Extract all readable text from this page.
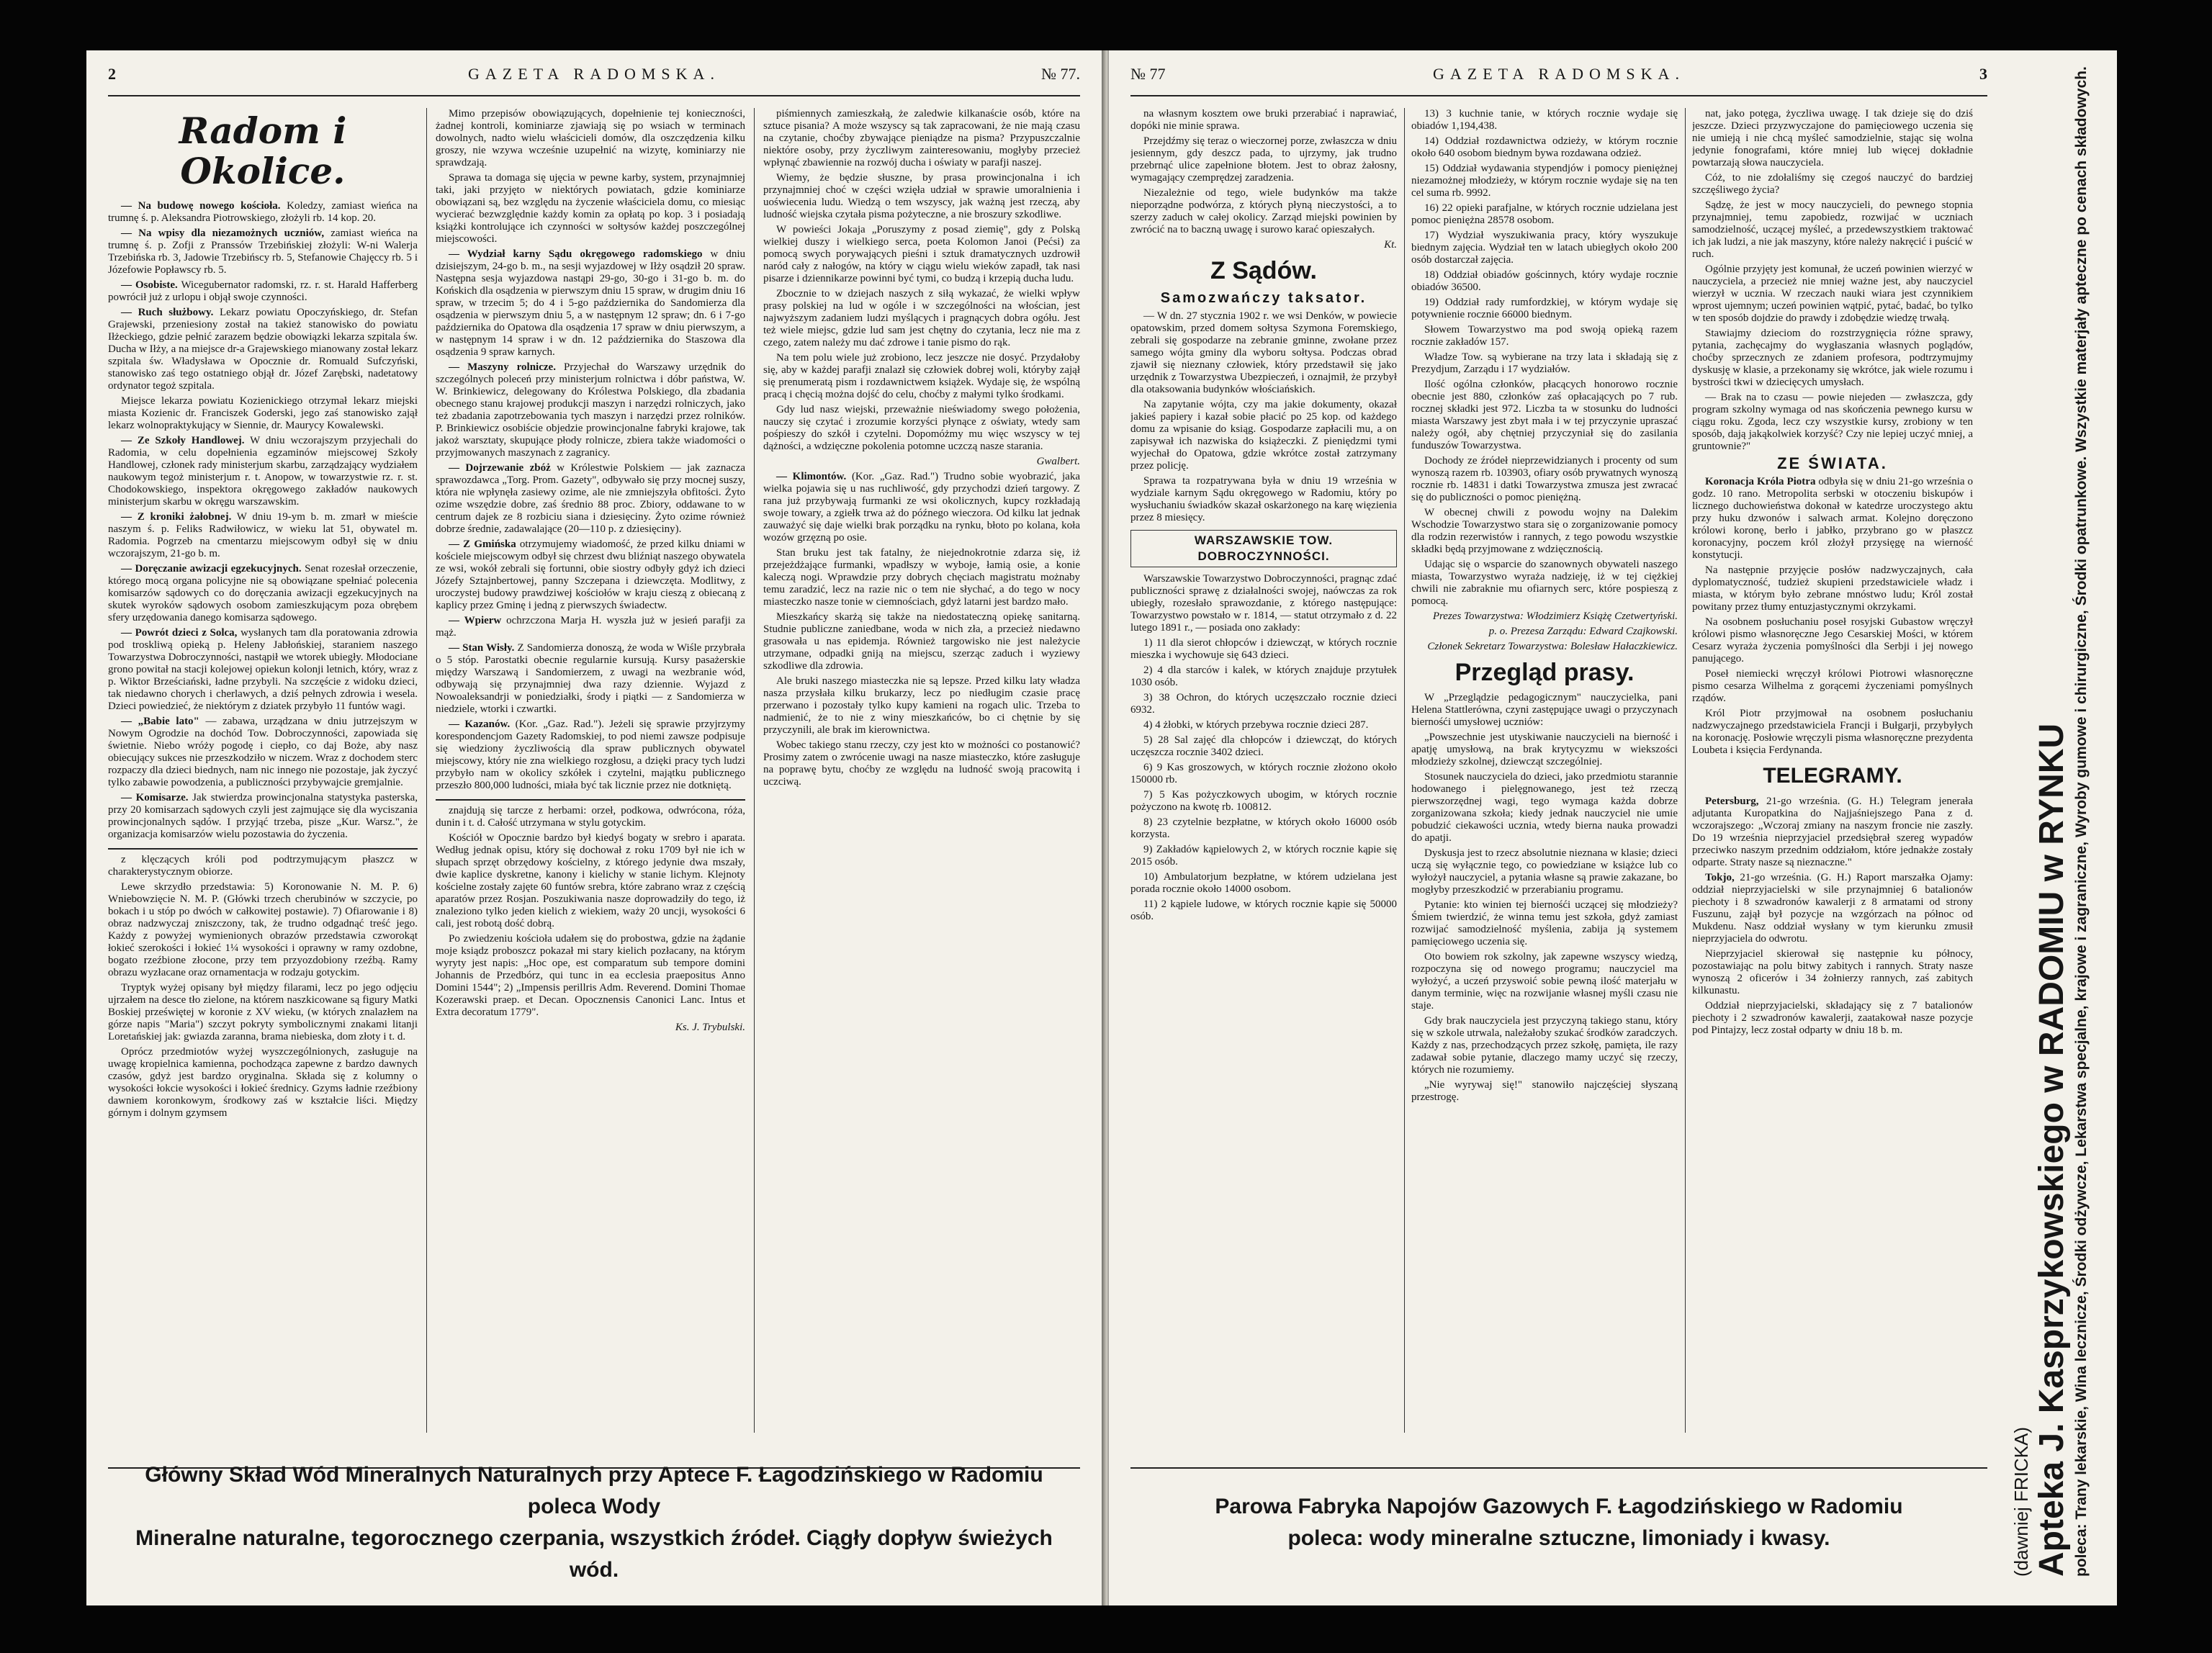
2	GAZETA RADOMSKA.	№ 77.
Radom i Okolice.

— Na budowę nowego kościoła. Koledzy, zamiast wieńca na trumnę ś. p. Aleksandra Piotrowskiego, złożyli rb. 14 kop. 20.

— Na wpisy dla niezamożnych uczniów, zamiast wieńca na trumnę ś. p. Zofji z Pranssów Trzebińskiej złożyli: W-ni Walerja Trzebińska rb. 3, Jadowie Trzebińscy rb. 5, Stefanowie Chajęccy rb. 5 i Józefowie Popławscy rb. 5.

— Osobiste. Wicegubernator radomski, rz. r. st. Harald Hafferberg powrócił już z urlopu i objął swoje czynności.

— Ruch służbowy. Lekarz powiatu Opoczyńskiego, dr. Stefan Grajewski, przeniesiony został na takież stanowisko do powiatu Iłżeckiego, gdzie pełnić zarazem będzie obowiązki lekarza szpitala św. Ducha w Iłży, a na miejsce dr-a Grajewskiego mianowany został lekarz szpitala św. Władysława w Opocznie dr. Romuald Sufczyński, stanowisko zaś tego ostatniego objął dr. Józef Zarębski, nadetatowy ordynator tegoż szpitala.

Miejsce lekarza powiatu Kozienickiego otrzymał lekarz miejski miasta Kozienic dr. Franciszek Goderski, jego zaś stanowisko zajął lekarz wolnopraktykujący w Siennie, dr. Maurycy Kowalewski.

— Ze Szkoły Handlowej. W dniu wczorajszym przyjechali do Radomia, w celu dopełnienia egzaminów miejscowej Szkoły Handlowej, członek rady ministerjum skarbu, zarządzający wydziałem naukowym tegoż ministerjum r. t. Anopow, w towarzystwie rz. r. st. Chodokowskiego, inspektora okręgowego zakładów naukowych ministerjum skarbu w okręgu warszawskim.

— Z kroniki żałobnej. W dniu 19-ym b. m. zmarł w mieście naszym ś. p. Feliks Radwiłowicz, w wieku lat 51, obywatel m. Radomia. Pogrzeb na cmentarzu miejscowym odbył się w dniu wczorajszym, 21-go b. m.

— Doręczanie awizacji egzekucyjnych. Senat rozesłał orzeczenie, którego mocą organa policyjne nie są obowiązane spełniać polecenia komisarzów sądowych co do doręczania awizacji egzekucyjnych na skutek wyroków sądowych osobom zamieszkującym poza obrębem sfery urzędowania danego komisarza sądowego.

— Powrót dzieci z Solca, wysłanych tam dla poratowania zdrowia pod troskliwą opieką p. Heleny Jabłońskiej, staraniem naszego Towarzystwa Dobroczynności, nastąpił we wtorek ubiegły. Młodociane grono powitał na stacji kolejowej opiekun kolonji letnich, który, wraz z p. Wiktor Brześciański, ładne przybyli. Na szczęście z widoku dzieci, tak niedawno chorych i cherlawych, a dziś pełnych zdrowia i wesela. Dzieci powiedzieć, że niektórym z dziatek przybyło 11 funtów wagi.

— „Babie lato" — zabawa, urządzana w dniu jutrzejszym w Nowym Ogrodzie na dochód Tow. Dobroczynności, zapowiada się świetnie. Niebo wróży pogodę i ciepło, co daj Boże, aby nasz obiecujący sukces nie przeszkodziło w niczem. Wraz z dochodem sterc rozpaczy dla dzieci biednych, nam nic innego nie pozostaje, jak życzyć tylko zabawie powodzenia, a publiczności przybywajcie gremjalnie.

— Komisarze. Jak stwierdza prowincjonalna statystyka pasterska, przy 20 komisarzach sądowych czyli jest zajmujące się dla wyciszania prowincjonalnych sądów. I przyjąć trzeba, pisze „Kur. Warsz.", że organizacja komisarzów wielu pozostawia do życzenia.

z klęczących króli pod podtrzymującym płaszcz w charakterystycznym obiorze.

Lewe skrzydło przedstawia: 5) Koronowanie N. M. P. 6) Wniebowzięcie N. M. P. (Główki trzech cherubinów w szczycie, po bokach i u stóp po dwóch w całkowitej postawie). 7) Ofiarowanie i 8) obraz nadzwyczaj zniszczony, tak, że trudno odgadnąć treść jego. Każdy z powyżej wymienionych obrazów przedstawia czworokąt łokieć szerokości i łokieć 1¼ wysokości i oprawny w ramy ozdobne, bogato rzeźbione złocone, przy tem przyozdobiony rzeźbą. Ramy obrazu wyzłacane oraz ornamentacja w rodzaju gotyckim.

Tryptyk wyżej opisany był między filarami, lecz po jego odjęciu ujrzałem na desce tło zielone, na którem naszkicowane są figury Matki Boskiej przeświętej w koronie z XV wieku, (w których znalazłem na górze napis "Maria") szczyt pokryty symbolicznymi znakami litanji Loretańskiej jak: gwiazda zaranna, brama niebieska, dom złoty i t. d.

Oprócz przedmiotów wyżej wyszczególnionych, zasługuje na uwagę kropielnica kamienna, pochodząca zapewne z bardzo dawnych czasów, gdyż jest bardzo oryginalna. Składa się z kolumny o wysokości łokcie wysokości i łokieć średnicy. Gzyms ładnie rzeźbiony dawniem koronkowym, środkowy zaś w kształcie liści. Między górnym i dolnym gzymsem

Mimo przepisów obowiązujących, dopełnienie tej konieczności, żadnej kontroli, kominiarze zjawiają się po wsiach w terminach dowolnych, nadto wielu właścicieli domów, dla oszczędzenia kilku groszy, nie wzywa wcześnie uzupełnić na wizytę, kominiarzy nie sprawdzają.

Sprawa ta domaga się ujęcia w pewne karby, system, przynajmniej taki, jaki przyjęto w niektórych powiatach, gdzie kominiarze obowiązani są, bez względu na życzenie właściciela domu, co miesiąc wycierać bezwzględnie każdy komin za opłatą po kop. 3 i posiadają książki kontrolujące ich czynności w sołtysów każdej poszczególnej miejscowości.

— Wydział karny Sądu okręgowego radomskiego w dniu dzisiejszym, 24-go b. m., na sesji wyjazdowej w Iłży osądził 20 spraw. Następna sesja wyjazdowa nastąpi 29-go, 30-go i 31-go b. m. do Końskich dla osądzenia w pierwszym dniu 15 spraw, w drugim dniu 16 spraw, w trzecim 5; do 4 i 5-go października do Sandomierza dla osądzenia w pierwszym dniu 5, a w następnym 12 spraw; dn. 6 i 7-go października do Opatowa dla osądzenia 17 spraw w dniu pierwszym, a w następnym 14 spraw i w dn. 12 października do Staszowa dla osądzenia 9 spraw karnych.

— Maszyny rolnicze. Przyjechał do Warszawy urzędnik do szczególnych poleceń przy ministerjum rolnictwa i dóbr państwa, W. W. Brinkiewicz, delegowany do Królestwa Polskiego, dla zbadania obecnego stanu krajowej produkcji maszyn i narzędzi rolniczych, jako też zbadania zapotrzebowania tych maszyn i narzędzi przez rolników. P. Brinkiewicz osobiście objedzie prowincjonalne fabryki krajowe, tak jakoż warsztaty, skupujące płody rolnicze, zbiera także wiadomości o przyjmowanych maszynach z zagranicy.

— Dojrzewanie zbóż w Królestwie Polskiem — jak zaznacza sprawozdawca „Torg. Prom. Gazety", odbywało się przy mocnej suszy, która nie wpłynęła zasiewy ozime, ale nie zmniejszyła obfitości. Żyto ozime wszędzie dobre, zaś średnio 88 proc. Zbiory, oddawane to w centrum dajek ze 8 rozbiciu siana i dziesięciny. Żyto ozime również dobrze średnie, zadawalające (20—110 p. z dziesięciny).

— Z Gmińska otrzymujemy wiadomość, że przed kilku dniami w kościele miejscowym odbył się chrzest dwu bliźniąt naszego obywatela ze wsi, wokół zebrali się fortunni, obie siostry odbyły gdyż ich dzieci Józefy Sztajnbertowej, panny Szczepana i dziewczęta. Modlitwy, z uroczystej budowy prawdziwej kościołów w kraju cieszą z obiecaną z kaplicy przez Gminę i jedną z pierwszych świadectw.

— Wpierw ochrzczona Marja H. wyszła już w jesień parafji za mąż.

— Stan Wisły. Z Sandomierza donoszą, że woda w Wiśle przybrała o 5 stóp. Parostatki obecnie regularnie kursują. Kursy pasażerskie między Warszawą i Sandomierzem, z uwagi na wezbranie wód, odbywają się przynajmniej dwa razy dziennie. Wyjazd z Nowoaleksandrji w poniedziałki, środy i piątki — z Sandomierza w niedziele, wtorki i czwartki.

— Kazanów. (Kor. „Gaz. Rad."). Jeżeli się sprawie przyjrzymy korespondencjom Gazety Radomskiej, to pod niemi zawsze podpisuje się wiedziony życzliwością dla spraw publicznych obywatel miejscowy, który nie zna wielkiego rozgłosu, a dzięki pracy tych ludzi przybyło nam w okolicy szkółek i czytelni, majątku publicznego przeszło 800,000 ludności, miała być tak licznie przez nie dotkniętą.

znajdują się tarcze z herbami: orzeł, podkowa, odwrócona, róża, dunin i t. d. Całość utrzymana w stylu gotyckim.

Kościół w Opocznie bardzo był kiedyś bogaty w srebro i aparata. Według jednak opisu, który się dochował z roku 1709 był nie ich w słupach sprzęt obrzędowy kościelny, z którego jedynie dwa mszały, dwie kaplice dyskretne, kanony i kielichy w stanie lichym. Klejnoty kościelne zostały zajęte 60 funtów srebra, które zabrano wraz z częścią aparatów przez Rosjan. Poszukiwania nasze doprowadziły do tego, iż znaleziono tylko jeden kielich z wiekiem, waży 20 uncji, wysokości 6 cali, jest robotą dość dobrą.

Po zwiedzeniu kościoła udałem się do probostwa, gdzie na żądanie moje ksiądz proboszcz pokazał mi stary kielich pozłacany, na którym wyryty jest napis: „Hoc ope, est comparatum sub tempore domini Johannis de Przedbórz, qui tunc in ea ecclesia praepositus Anno Domini 1544"; 2) „Impensis perillris Adm. Reverend. Domini Thomae Kozerawski praep. et Decan. Opocznensis Canonici Lanc. Intus et Extra decoratum 1779".

Ks. J. Trybulski.

piśmiennych zamieszkałą, że zaledwie kilkanaście osób, które na sztuce pisania? A może wszyscy są tak zapracowani, że nie mają czasu na czytanie, choćby zbywające pieniądze na pisma? Przypuszczalnie niektóre osoby, przy życzliwym zainteresowaniu, mogłyby przecież wpłynąć zbawiennie na rozwój ducha i oświaty w parafji naszej.

Wiemy, że będzie słuszne, by prasa prowincjonalna i ich przynajmniej choć w części wzięła udział w sprawie umoralnienia i uoświecenia ludu. Wiedzą o tem wszyscy, jak ważną jest rzeczą, aby ludność wiejska czytała pisma pożyteczne, a nie broszury szkodliwe.

W powieści Jokaja „Poruszymy z posad ziemię", gdy z Polską wielkiej duszy i wielkiego serca, poeta Kolomon Janoi (Pećsi) za pomocą swych porywających pieśni i sztuk dramatycznych uzdrowił naród cały z nałogów, na który w ciągu wielu wieków zapadł, tak nasi pisarze i dziennikarze powinni być tymi, co budzą i krzepią ducha ludu.

Zbocznie to w dziejach naszych z siłą wykazać, że wielki wpływ prasy polskiej na lud w ogóle i w szczególności na włościan, jest najwyższym zadaniem ludzi myślących i pragnących dobra ogółu. Jest też wiele miejsc, gdzie lud sam jest chętny do czytania, lecz nie ma z czego, zatem należy mu dać zdrowe i tanie pismo do rąk.

Na tem polu wiele już zrobiono, lecz jeszcze nie dosyć. Przydałoby się, aby w każdej parafji znalazł się człowiek dobrej woli, któryby zajął się prenumeratą pism i rozdawnictwem książek. Wydaje się, że wspólną pracą i chęcią można dojść do celu, choćby z małymi tylko środkami.

Gdy lud nasz wiejski, przeważnie nieświadomy swego położenia, nauczy się czytać i zrozumie korzyści płynące z oświaty, wtedy sam pośpieszy do szkół i czytelni. Dopomóżmy mu więc wszyscy w tej dążności, a wdzięczne pokolenia potomne uczczą nasze starania.

Gwalbert.

— Klimontów. (Kor. „Gaz. Rad.") Trudno sobie wyobrazić, jaka wielka pojawia się u nas ruchliwość, gdy przychodzi dzień targowy. Z rana już przybywają furmanki ze wsi okolicznych, kupcy rozkładają swoje towary, a zgiełk trwa aż do późnego wieczora. Od kilku lat jednak zauważyć się daje wielki brak porządku na rynku, błoto po kolana, koła wozów grzęzną po osie.

Stan bruku jest tak fatalny, że niejednokrotnie zdarza się, iż przejeżdżające furmanki, wpadłszy w wyboje, łamią osie, a konie kaleczą nogi. Wprawdzie przy dobrych chęciach magistratu możnaby temu zaradzić, lecz na razie nic o tem nie słychać, a do tego w nocy miasteczko nasze tonie w ciemnościach, gdyż latarni jest bardzo mało.

Mieszkańcy skarżą się także na niedostateczną opiekę sanitarną. Studnie publiczne zaniedbane, woda w nich zła, a przecież niedawno grasowała u nas epidemja. Również targowisko nie jest należycie utrzymane, odpadki gniją na miejscu, szerząc zaduch i wyziewy szkodliwe dla zdrowia.

Ale bruki naszego miasteczka nie są lepsze. Przed kilku laty władza nasza przysłała kilku brukarzy, lecz po niedługim czasie pracę przerwano i pozostały tylko kupy kamieni na rogach ulic. Trzeba to nadmienić, że to nie z winy mieszkańców, bo ci chętnie by się przyczynili, ale brak im kierownictwa.

Wobec takiego stanu rzeczy, czy jest kto w możności co postanowić? Prosimy zatem o zwrócenie uwagi na nasze miasteczko, które zasługuje na poprawę bytu, choćby ze względu na ludność swoją pracowitą i uczciwą.

Główny Skład Wód Mineralnych Naturalnych przy Aptece F. Łagodzińskiego w Radomiu poleca Wody
Mineralne naturalne, tegorocznego czerpania, wszystkich źródeł. Ciągły dopływ świeżych wód.
№ 77	GAZETA RADOMSKA.	3

na własnym kosztem owe bruki przerabiać i naprawiać, dopóki nie minie sprawa.

Przejdźmy się teraz o wieczornej porze, zwłaszcza w dniu jesiennym, gdy deszcz pada, to ujrzymy, jak trudno przebrnąć ulice zapełnione błotem. Jest to obraz żałosny, wymagający czemprędzej zaradzenia.

Niezależnie od tego, wiele budynków ma także nieporządne podwórza, z których płyną nieczystości, a to szerzy zaduch w całej okolicy. Zarząd miejski powinien by zwrócić na to baczną uwagę i surowo karać opieszałych.

Kt.

Z Sądów.
Samozwańczy taksator.

— W dn. 27 stycznia 1902 r. we wsi Denków, w powiecie opatowskim, przed domem sołtysa Szymona Foremskiego, zebrali się gospodarze na zebranie gminne, zwołane przez samego wójta gminy dla wyboru sołtysa. Podczas obrad zjawił się nieznany człowiek, który przedstawił się jako urzędnik z Towarzystwa Ubezpieczeń, i oznajmił, że przybył dla otaksowania budynków włościańskich.

Na zapytanie wójta, czy ma jakie dokumenty, okazał jakieś papiery i kazał sobie płacić po 25 kop. od każdego domu za wpisanie do ksiąg. Gospodarze zapłacili mu, a on zapisywał ich nazwiska do książeczki. Z pieniędzmi tymi wyjechał do Opatowa, gdzie wkrótce został zatrzymany przez policję.

Sprawa ta rozpatrywana była w dniu 19 września w wydziale karnym Sądu okręgowego w Radomiu, który po wysłuchaniu świadków skazał oskarżonego na karę więzienia przez 8 miesięcy.

WARSZAWSKIE TOW. DOBROCZYNNOŚCI.

Warszawskie Towarzystwo Dobroczynności, pragnąc zdać publiczności sprawę z działalności swojej, naówczas za rok ubiegły, rozesłało sprawozdanie, z którego następujące: Towarzystwo powstało w r. 1814, — statut otrzymało z d. 22 lutego 1891 r., — posiada ono zakłady:

1) 11 dla sierot chłopców i dziewcząt, w których rocznie mieszka i wychowuje się 643 dzieci.

2) 4 dla starców i kalek, w których znajduje przytułek 1030 osób.

3) 38 Ochron, do których uczęszczało rocznie dzieci 6932.

4) 4 żłobki, w których przebywa rocznie dzieci 287.

5) 28 Sal zajęć dla chłopców i dziewcząt, do których uczęszcza rocznie 3402 dzieci.

6) 9 Kas groszowych, w których rocznie złożono około 150000 rb.

7) 5 Kas pożyczkowych ubogim, w których rocznie pożyczono na kwotę rb. 100812.

8) 23 czytelnie bezpłatne, w których około 16000 osób korzysta.

9) Zakładów kąpielowych 2, w których rocznie kąpie się 2015 osób.

10) Ambulatorjum bezpłatne, w którem udzielana jest porada rocznie około 14000 osobom.

11) 2 kąpiele ludowe, w których rocznie kąpie się 50000 osób.

13) 3 kuchnie tanie, w których rocznie wydaje się obiadów 1,194,438.

14) Oddział rozdawnictwa odzieży, w którym rocznie około 640 osobom biednym bywa rozdawana odzież.

15) Oddział wydawania stypendjów i pomocy pieniężnej niezamożnej młodzieży, w którym rocznie wydaje się na ten cel suma rb. 9992.

16) 22 opieki parafjalne, w których rocznie udzielana jest pomoc pieniężna 28578 osobom.

17) Wydział wyszukiwania pracy, który wyszukuje biednym zajęcia. Wydział ten w latach ubiegłych około 200 osób dostarczał zajęcia.

18) Oddział obiadów gościnnych, który wydaje rocznie obiadów 36500.

19) Oddział rady rumfordzkiej, w którym wydaje się potywnienie rocznie 66000 biednym.

Słowem Towarzystwo ma pod swoją opieką razem rocznie zakładów 157.

Władze Tow. są wybierane na trzy lata i składają się z Prezydjum, Zarządu i 17 wydziałów.

Ilość ogólna członków, płacących honorowo rocznie obecnie jest 880, członków zaś opłacających po 7 rub. rocznej składki jest 972. Liczba ta w stosunku do ludności miasta Warszawy jest zbyt mała i w tej przyczynie upraszać należy ogół, aby chętniej przyczyniał się do zasilania funduszów Towarzystwa.

Dochody ze źródeł nieprzewidzianych i procenty od sum wynoszą razem rb. 103903, ofiary osób prywatnych wynoszą rocznie rb. 14831 i datki Towarzystwa zmusza jest zwracać się do publiczności o pomoc pieniężną.

W obecnej chwili z powodu wojny na Dalekim Wschodzie Towarzystwo stara się o zorganizowanie pomocy dla rodzin rezerwistów i rannych, z tego powodu wszystkie składki będą przyjmowane z wdzięcznością.

Udając się o wsparcie do szanownych obywateli naszego miasta, Towarzystwo wyraża nadzieję, iż w tej ciężkiej chwili nie zabraknie mu ofiarnych serc, które pospieszą z pomocą.

Prezes Towarzystwa: Włodzimierz Książę Czetwertyński.

p. o. Prezesa Zarządu: Edward Czajkowski.

Członek Sekretarz Towarzystwa: Bolesław Hałaczkiewicz.

Przegląd prasy.

W „Przeglądzie pedagogicznym" nauczycielka, pani Helena Stattlerówna, czyni zastępujące uwagi o przyczynach biernośći umysłowej uczniów:

„Powszechnie jest utyskiwanie nauczycieli na bierność i apatję umysłową, na brak krytycyzmu w wiekszości młodzieży szkolnej, dziewcząt szczególniej.

Stosunek nauczyciela do dzieci, jako przedmiotu starannie hodowanego i pielęgnowanego, jest też rzeczą pierwszorzędnej wagi, tego wymaga każda dobrze zorganizowana szkoła; kiedy jednak nauczyciel nie umie pobudzić ciekawości ucznia, wtedy bierna nauka prowadzi do apatji.

Dyskusja jest to rzecz absolutnie nieznana w klasie; dzieci uczą się wyłącznie tego, co powiedziane w książce lub co wyłożył nauczyciel, a pytania własne są prawie zakazane, bo mogłyby przeszkodzić w przerabianiu programu.

Pytanie: kto winien tej biernośći uczącej się młodzieży? Śmiem twierdzić, że winna temu jest szkoła, gdyż zamiast rozwijać samodzielność myślenia, zabija ją systemem pamięciowego uczenia się.

Oto bowiem rok szkolny, jak zapewne wszyscy wiedzą, rozpoczyna się od nowego programu; nauczyciel ma wyłożyć, a uczeń przyswoić sobie pewną ilość materjału w danym terminie, więc na rozwijanie własnej myśli czasu nie staje.

Gdy brak nauczyciela jest przyczyną takiego stanu, który się w szkole utrwala, należałoby szukać środków zaradczych. Każdy z nas, przechodzących przez szkołę, pamięta, ile razy zadawał sobie pytanie, dlaczego mamy uczyć się rzeczy, których nie rozumiemy.

„Nie wyrywaj się!" stanowiło najczęściej słyszaną przestrogę.

nat, jako potęga, życzliwa uwagę. I tak dzieje się do dziś jeszcze. Dzieci przyzwyczajone do pamięciowego uczenia się nie umieją i nie chcą myśleć samodzielnie, stając się wolna jedynie fonografami, które mniej lub więcej dokładnie powtarzają słowa nauczyciela.

Cóż, to nie zdołaliśmy się czegoś nauczyć do bardziej szczęśliwego życia?

Sądzę, że jest w mocy nauczycieli, do pewnego stopnia przynajmniej, temu zapobiedz, rozwijać w uczniach samodzielność, uczącej myśleć, a przedewszystkiem traktować ich jak ludzi, a nie jak maszyny, które należy nakręcić i puścić w ruch.

Ogólnie przyjęty jest komunał, że uczeń powinien wierzyć w nauczyciela, a przecież nie mniej ważne jest, aby nauczyciel wierzył w ucznia. W rzeczach nauki wiara jest czynnikiem wprost ujemnym; uczeń powinien wątpić, pytać, badać, bo tylko w ten sposób dojdzie do prawdy i zdobędzie wiedzę trwałą.

Stawiajmy dzieciom do rozstrzygnięcia różne sprawy, pytania, zachęcajmy do wygłaszania własnych poglądów, choćby sprzecznych ze zdaniem profesora, podtrzymujmy dyskusję w klasie, a przekonamy się wkrótce, jak wiele rozumu i bystrości tkwi w dziecięcych umysłach.

— Brak na to czasu — powie niejeden — zwłaszcza, gdy program szkolny wymaga od nas skończenia pewnego kursu w ciągu roku. Zgoda, lecz czy wszystkie kursy, zrobiony w ten sposób, dają jakąkolwiek korzyść? Czy nie lepiej uczyć mniej, a gruntownie?"

ZE ŚWIATA.

Koronacja Króla Piotra odbyła się w dniu 21-go września o godz. 10 rano. Metropolita serbski w otoczeniu biskupów i licznego duchowieństwa dokonał w katedrze uroczystego aktu przy huku dzwonów i salwach armat. Kolejno doręczono królowi koronę, berło i jabłko, przybrano go w płaszcz koronacyjny, poczem król złożył przysięgę na wierność konstytucji.

Na następnie przyjęcie posłów nadzwyczajnych, cała dyplomatyczność, tudzież skupieni przedstawiciele władz i miasta, w którym było zebrane mnóstwo ludu; Król został powitany przez tłumy entuzjastycznymi okrzykami.

Na osobnem posłuchaniu poseł rosyjski Gubastow wręczył królowi pismo własnoręczne Jego Cesarskiej Mości, w którem Cesarz wyraża życzenia pomyślności dla Serbji i jej nowego panującego.

Poseł niemiecki wręczył królowi Piotrowi własnoręczne pismo cesarza Wilhelma z gorącemi życzeniami pomyślnych rządów.

Król Piotr przyjmował na osobnem posłuchaniu nadzwyczajnego przedstawiciela Francji i Bułgarji, przybyłych na koronację. Posłowie wręczyli pisma własnoręczne prezydenta Loubeta i księcia Ferdynanda.

TELEGRAMY.

Petersburg, 21-go września. (G. H.) Telegram jenerała adjutanta Kuropatkina do Najjaśniejszego Pana z d. wczorajszego: „Wczoraj zmiany na naszym froncie nie zaszły. Do 19 września nieprzyjaciel przedsiębrał szereg wypadów przeciwko naszym przednim oddziałom, które jednakże zostały odparte. Straty nasze są nieznaczne."

Tokjo, 21-go września. (G. H.) Raport marszałka Ojamy: oddział nieprzyjacielski w sile przynajmniej 6 batalionów piechoty i 8 szwadronów kawalerji z 8 armatami od strony Fuszunu, zajął był pozycje na wzgórzach na północ od Mukdenu. Nasz oddział wysłany w tym kierunku zmusił nieprzyjaciela do odwrotu.

Nieprzyjaciel skierował się następnie ku północy, pozostawiając na polu bitwy zabitych i rannych. Straty nasze wynoszą 2 oficerów i 34 żołnierzy rannych, zaś zabitych kilkunastu.

Oddział nieprzyjacielski, składający się z 7 batalionów piechoty i 2 szwadronów kawalerji, zaatakował nasze pozycje pod Pintajzy, lecz został odparty w dniu 18 b. m.

(dawniej FRICKA) Apteka J. Kasprzykowskiego w RADOMIU w RYNKU poleca: Trany lekarskie, Wina lecznicze, Środki odżywcze, Lekarstwa specjalne, krajowe i zagraniczne, Wyroby gumowe i chirurgiczne, Środki opatrunkowe. Wszystkie materjały apteczne po cenach składowych.
Parowa Fabryka Napojów Gazowych F. Łagodzińskiego w Radomiu
poleca: wody mineralne sztuczne, limoniady i kwasy.
